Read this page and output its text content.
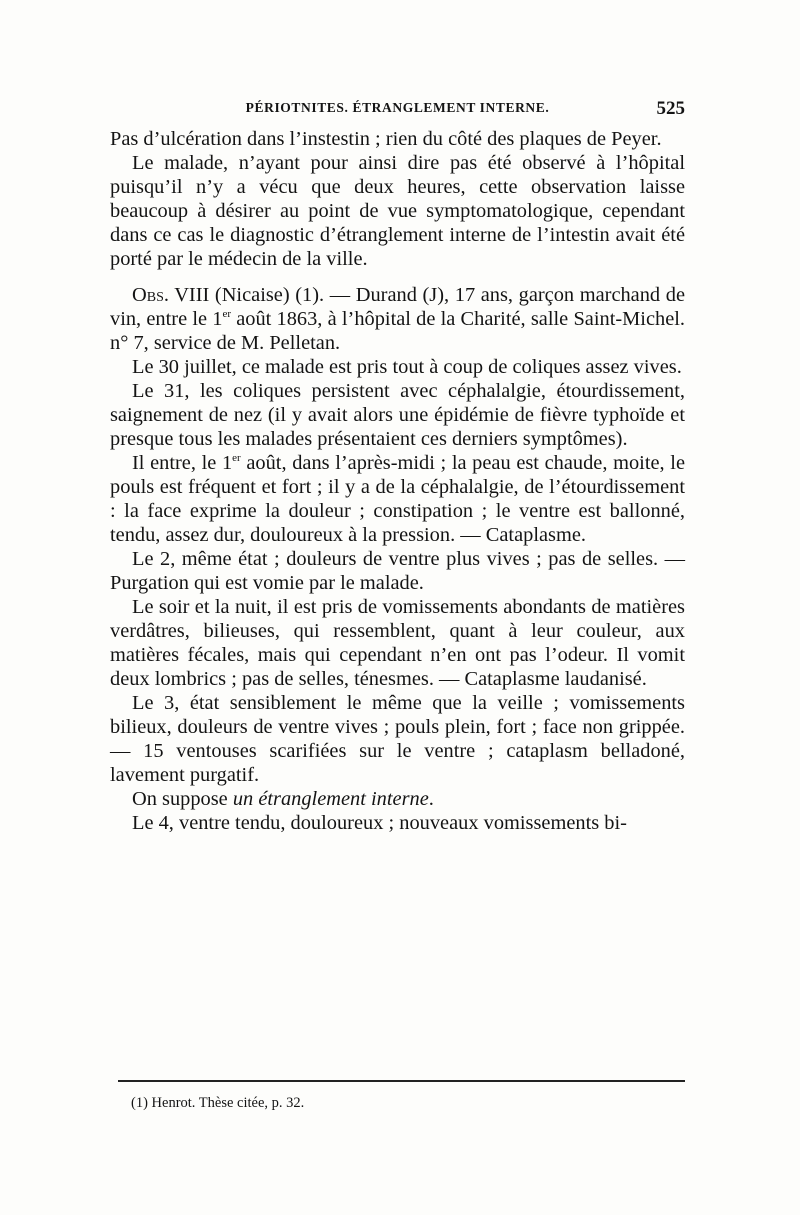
PÉRIOTNITES. ÉTRANGLEMENT INTERNE.	525

Pas d’ulcération dans l’instestin ; rien du côté des plaques de Peyer.

Le malade, n’ayant pour ainsi dire pas été observé à l’hôpital puisqu’il n’y a vécu que deux heures, cette observation laisse beaucoup à désirer au point de vue symptomatologique, cependant dans ce cas le diagnostic d’étranglement interne de l’intestin avait été porté par le médecin de la ville.

Obs. VIII (Nicaise) (1). — Durand (J), 17 ans, garçon marchand de vin, entre le 1er août 1863, à l’hôpital de la Charité, salle Saint-Michel. n° 7, service de M. Pelletan.

Le 30 juillet, ce malade est pris tout à coup de coliques assez vives.

Le 31, les coliques persistent avec céphalalgie, étourdissement, saignement de nez (il y avait alors une épidémie de fièvre typhoïde et presque tous les malades présentaient ces derniers symptômes).

Il entre, le 1er août, dans l’après-midi ; la peau est chaude, moite, le pouls est fréquent et fort ; il y a de la céphalalgie, de l’étourdissement : la face exprime la douleur ; constipation ; le ventre est ballonné, tendu, assez dur, douloureux à la pression. — Cataplasme.

Le 2, même état ; douleurs de ventre plus vives ; pas de selles. — Purgation qui est vomie par le malade.

Le soir et la nuit, il est pris de vomissements abondants de matières verdâtres, bilieuses, qui ressemblent, quant à leur couleur, aux matières fécales, mais qui cependant n’en ont pas l’odeur. Il vomit deux lombrics ; pas de selles, ténesmes. — Cataplasme laudanisé.

Le 3, état sensiblement le même que la veille ; vomissements bilieux, douleurs de ventre vives ; pouls plein, fort ; face non grippée. — 15 ventouses scarifiées sur le ventre ; cataplasm belladoné, lavement purgatif.

On suppose un étranglement interne.

Le 4, ventre tendu, douloureux ; nouveaux vomissements bi-

(1) Henrot. Thèse citée, p. 32.
